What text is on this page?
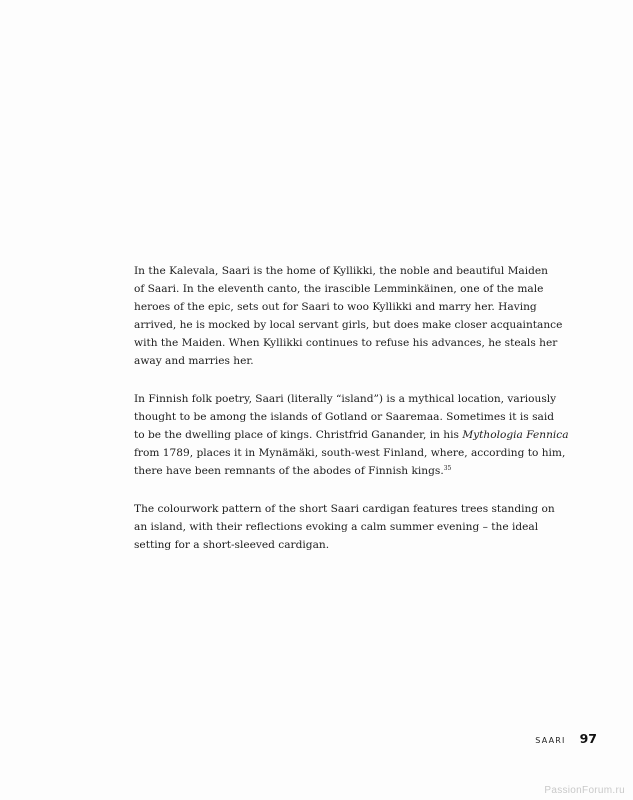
In the Kalevala, Saari is the home of Kyllikki, the noble and beautiful Maiden
of Saari. In the eleventh canto, the irascible Lemminkäinen, one of the male
heroes of the epic, sets out for Saari to woo Kyllikki and marry her. Having
arrived, he is mocked by local servant girls, but does make closer acquaintance
with the Maiden. When Kyllikki continues to refuse his advances, he steals her
away and marries her.

In Finnish folk poetry, Saari (literally “island”) is a mythical location, variously
thought to be among the islands of Gotland or Saaremaa. Sometimes it is said
to be the dwelling place of kings. Christfrid Ganander, in his Mythologia Fennica
from 1789, places it in Mynämäki, south-west Finland, where, according to him,
there have been remnants of the abodes of Finnish kings.$^{35}$

The colourwork pattern of the short Saari cardigan features trees standing on
an island, with their reflections evoking a calm summer evening – the ideal
setting for a short-sleeved cardigan.

SAARI 97
PassionForum.ru
